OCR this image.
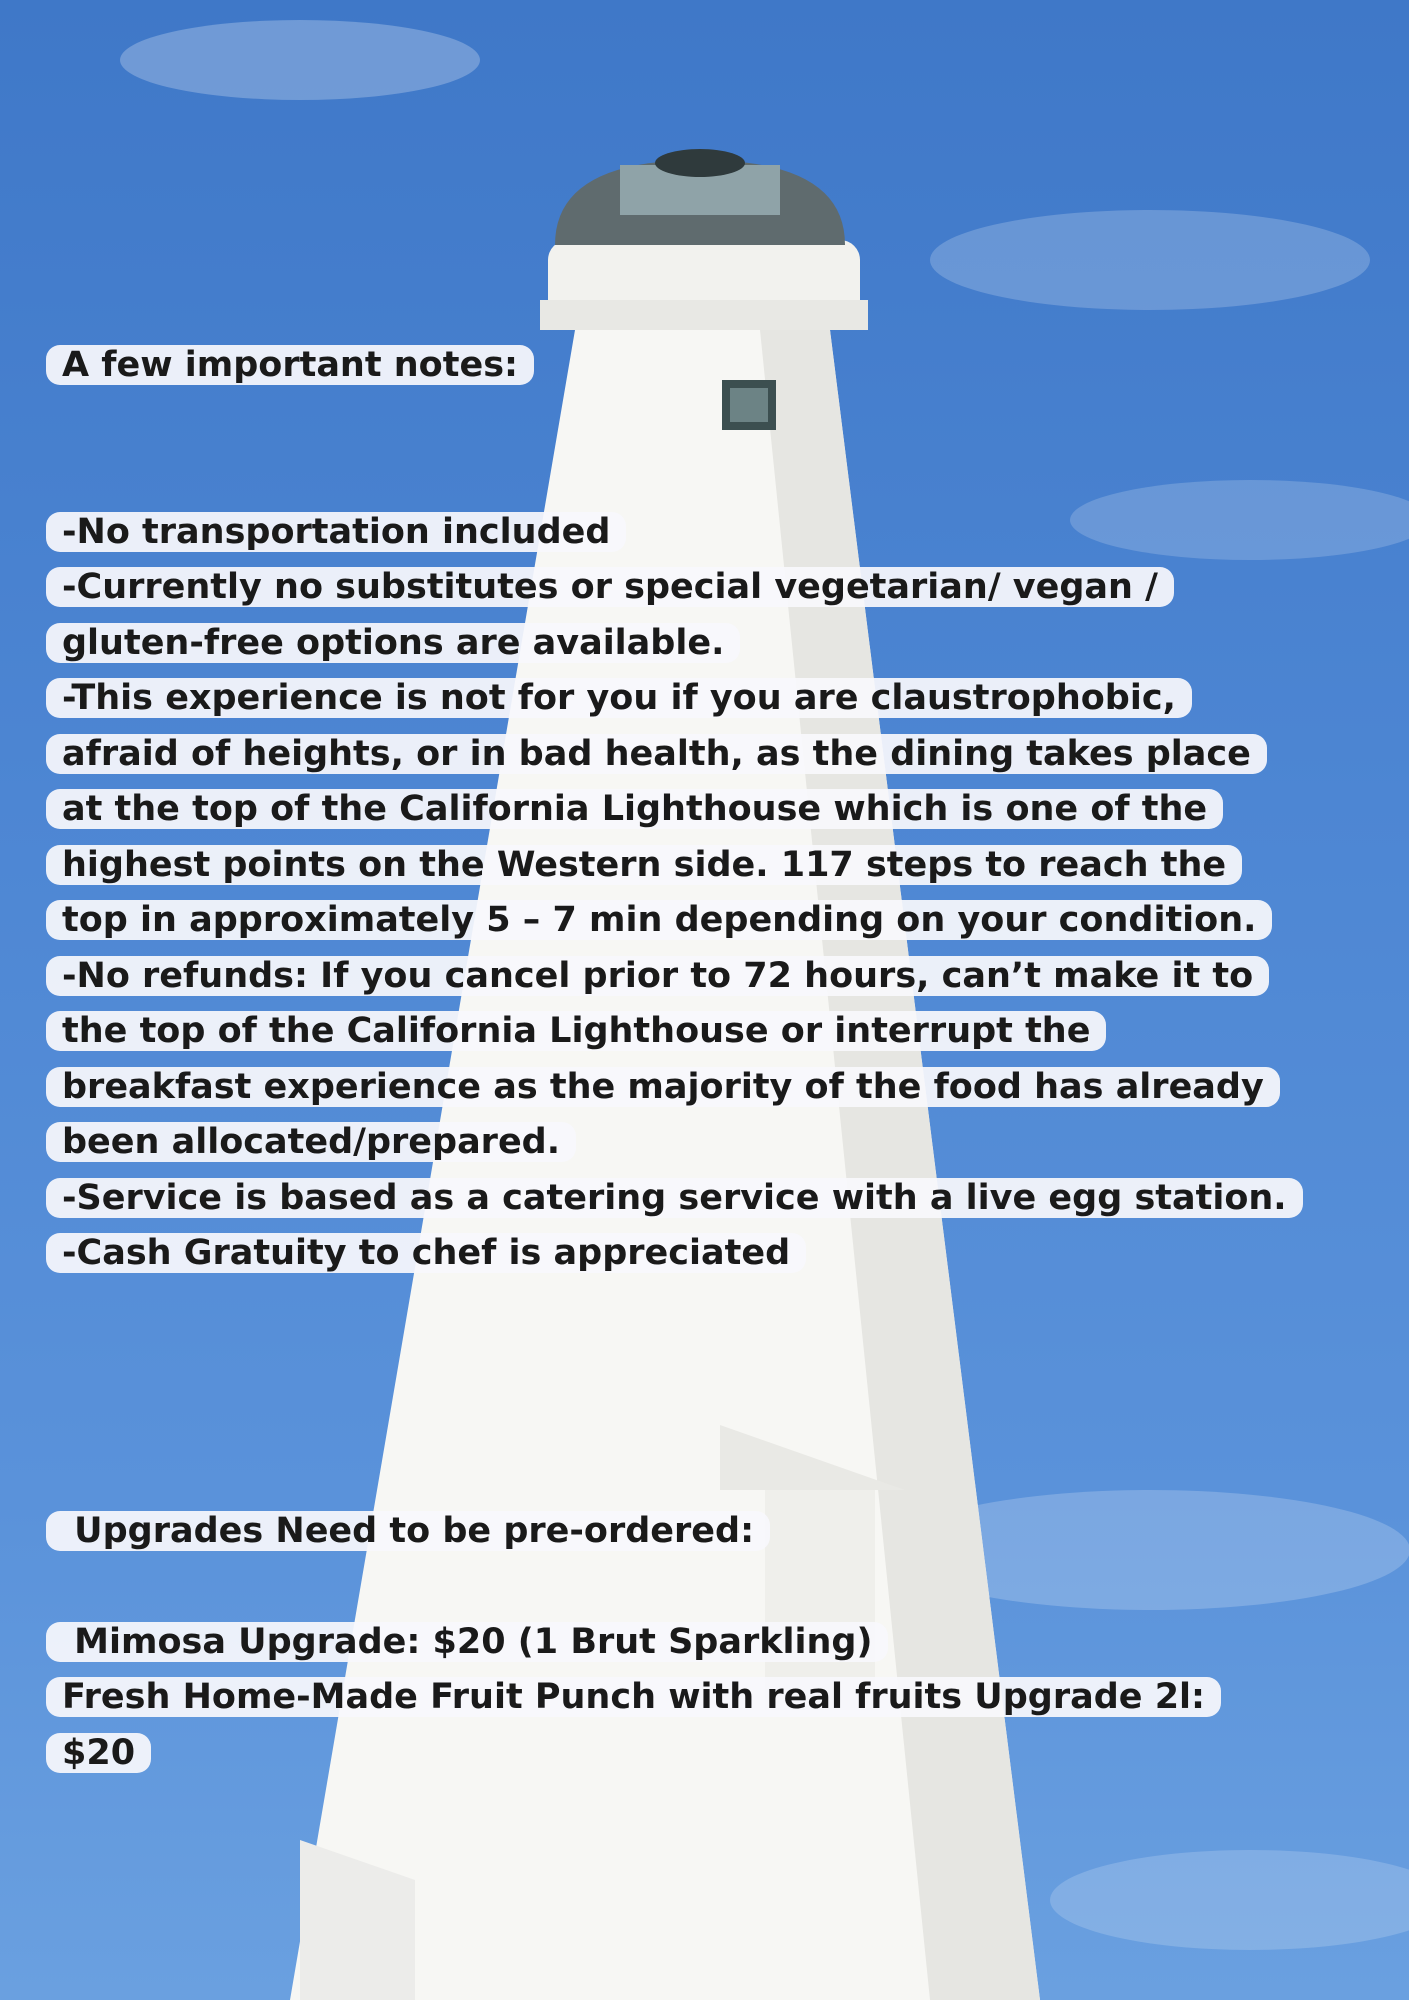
A few important notes:
-No transportation included
-Currently no substitutes or special vegetarian/ vegan /
gluten-free options are available.
-This experience is not for you if you are claustrophobic,
afraid of heights, or in bad health, as the dining takes place
at the top of the California Lighthouse which is one of the
highest points on the Western side. 117 steps to reach the
top in approximately 5 – 7 min depending on your condition.
-No refunds: If you cancel prior to 72 hours, can’t make it to
the top of the California Lighthouse or interrupt the
breakfast experience as the majority of the food has already
been allocated/prepared.
-Service is based as a catering service with a live egg station.
-Cash Gratuity to chef is appreciated
Upgrades Need to be pre-ordered:
Mimosa Upgrade: $20 (1 Brut Sparkling)
Fresh Home-Made Fruit Punch with real fruits Upgrade 2l:
$20
